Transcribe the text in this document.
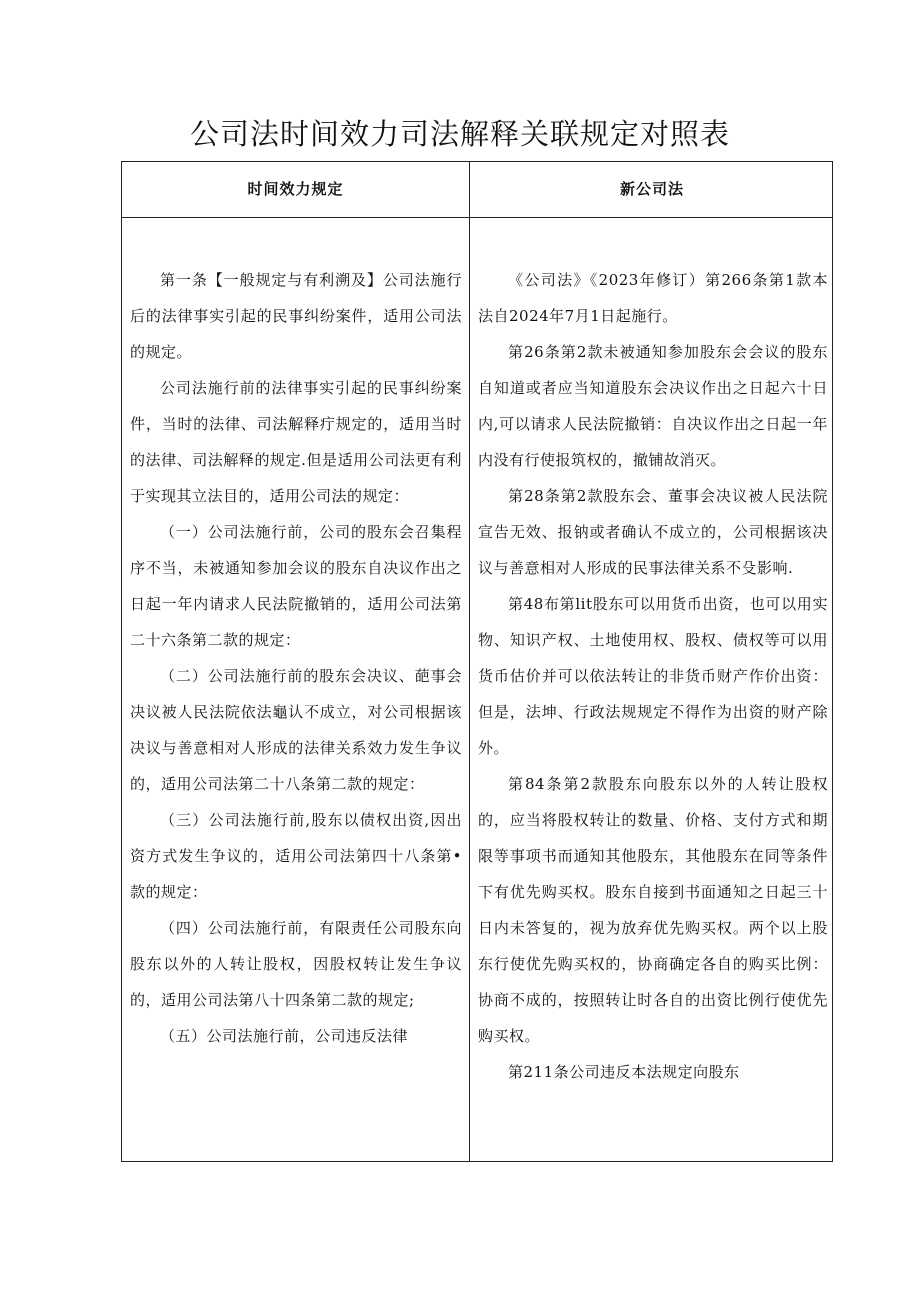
公司法时间效力司法解释关联规定对照表
时间效力规定	新公司法

第一条【一般规定与有利溯及】公司法施行后的法律事实引起的民事纠纷案件，适用公司法的规定。

公司法施行前的法律事实引起的民事纠纷案件，当时的法律、司法解释疔规定的，适用当时的法律、司法解释的规定.但是适用公司法更有利于实现其立法目的，适用公司法的规定：

（一）公司法施行前，公司的股东会召集程序不当，未被通知参加会议的股东自决议作出之日起一年内请求人民法院撤销的，适用公司法第二十六条第二款的规定：

（二）公司法施行前的股东会决议、葩事会决议被人民法院依法龜认不成立，对公司根据该决议与善意相对人形成的法律关系效力发生争议的，适用公司法第二十八条第二款的规定：

（三）公司法施行前,股东以债权出资,因出资方式发生争议的，适用公司法第四十八条第•款的规定：

（四）公司法施行前，有限责任公司股东向股东以外的人转让股权，因股权转让发生争议的，适用公司法第八十四条第二款的规定;

（五）公司法施行前，公司违反法律

《公司法》《2023年修订）第266条第1款本法自2024年7月1日起施行。

第26条第2款未被通知参加股东会会议的股东自知道或者应当知道股东会决议作出之日起六十日内,可以请求人民法院撤销：自决议作出之日起一年内没有行使报筑权的，撤铺故消灭。

第28条第2款股东会、董事会决议被人民法院宣告无效、报钠或者确认不成立的，公司根据该决议与善意相对人形成的民事法律关系不殳影响.

第48布第lit股东可以用货币出资，也可以用实物、知识产权、土地使用权、股权、债权等可以用货币估价并可以依法转让的非货币财产作价出资：但是，法坤、行政法规规定不得作为出资的财产除外。

第84条第2款股东向股东以外的人转让股权的，应当将股权转让的数量、价格、支付方式和期限等事项书而通知其他股东，其他股东在同等条件下有优先购买权。股东自接到书面通知之日起三十日内未答复的，视为放弃优先购买权。两个以上股东行使优先购买权的，协商确定各自的购买比例：协商不成的，按照转让时各自的出资比例行使优先购买权。

第211条公司违反本法规定向股东
